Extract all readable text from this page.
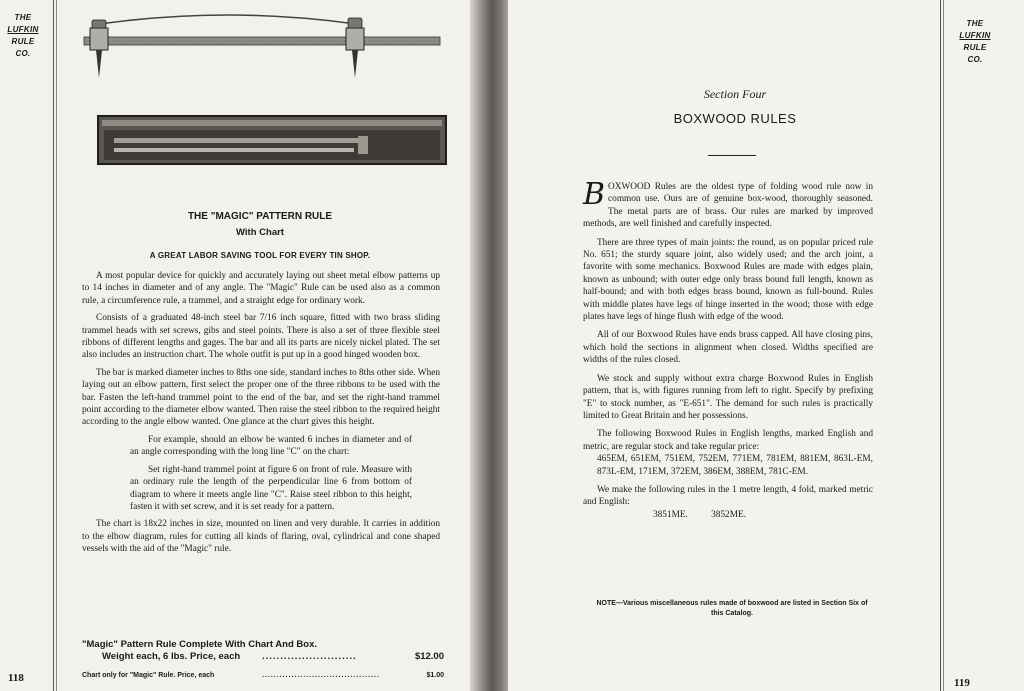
THE
LUFKIN
RULE
CO.
THE "MAGIC" PATTERN RULE
With Chart
A GREAT LABOR SAVING TOOL FOR EVERY TIN SHOP.

A most popular device for quickly and accurately laying out sheet metal elbow patterns up to 14 inches in diameter and of any angle. The "Magic" Rule can be used also as a common rule, a circumference rule, a trammel, and a straight edge for ordinary work.

Consists of a graduated 48-inch steel bar 7/16 inch square, fitted with two brass sliding trammel heads with set screws, gibs and steel points. There is also a set of three flexible steel ribbons of different lengths and gages. The bar and all its parts are nicely nickel plated. The set also includes an instruction chart. The whole outfit is put up in a good hinged wooden box.

The bar is marked diameter inches to 8ths one side, standard inches to 8ths other side. When laying out an elbow pattern, first select the proper one of the three ribbons to be used with the bar. Fasten the left-hand trammel point to the end of the bar, and set the right-hand trammel point according to the diameter elbow wanted. Then raise the steel ribbon to the required height according to the angle elbow wanted. One glance at the chart gives this height.

For example, should an elbow be wanted 6 inches in diameter and of an angle corresponding with the long line "C" on the chart:

Set right-hand trammel point at figure 6 on front of rule. Measure with an ordinary rule the length of the perpendicular line 6 from bottom of diagram to where it meets angle line "C". Raise steel ribbon to this height, fasten it with set screw, and it is set ready for a pattern.

The chart is 18x22 inches in size, mounted on linen and very durable. It carries in addition to the elbow diagram, rules for cutting all kinds of flaring, oval, cylindrical and cone shaped vessels with the aid of the "Magic" rule.

"Magic" Pattern Rule Complete With Chart And Box.
Weight each, 6 lbs. Price, each ..........................	$12.00
Chart only for "Magic" Rule. Price, each	........................................	$1.00
118
THE
LUFKIN
RULE
CO.
Section Four
BOXWOOD RULES

BOXWOOD Rules are the oldest type of folding wood rule now in common use. Ours are of genuine box-wood, thoroughly seasoned. The metal parts are of brass. Our rules are marked by improved methods, are well finished and carefully inspected.

There are three types of main joints: the round, as on popular priced rule No. 651; the sturdy square joint, also widely used; and the arch joint, a favorite with some mechanics. Boxwood Rules are made with edges plain, known as unbound; with outer edge only brass bound full length, known as half-bound; and with both edges brass bound, known as full-bound. Rules with middle plates have legs of hinge inserted in the wood; those with edge plates have legs of hinge flush with edge of the wood.

All of our Boxwood Rules have ends brass capped. All have closing pins, which hold the sections in alignment when closed. Widths specified are widths of the rules closed.

We stock and supply without extra charge Boxwood Rules in English pattern, that is, with figures running from left to right. Specify by prefixing "E" to stock number, as "E-651". The demand for such rules is practically limited to Great Britain and her possessions.

The following Boxwood Rules in English lengths, marked English and metric, are regular stock and take regular price:

465EM, 651EM, 751EM, 752EM, 771EM, 781EM, 881EM, 863L-EM, 873L-EM, 171EM, 372EM, 386EM, 388EM, 781C-EM.

We make the following rules in the 1 metre length, 4 fold, marked metric and English:

3851ME.          3852ME.

NOTE—Various miscellaneous rules made of boxwood are listed in Section Six of this Catalog.
119
